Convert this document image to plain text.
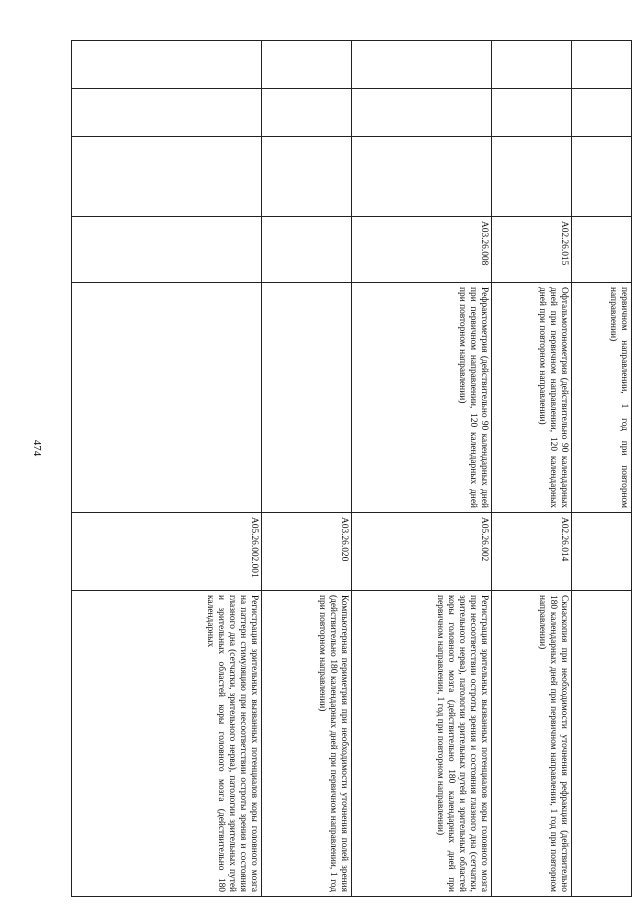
474
					первичном направлении, 1 год при повторном направлении)		
			A02.26.015	Офтальмотонометрия (действительно 90 календарных дней при первичном направлении, 120 календарных дней при повторном направлении)	A02.26.014	Скиаскопия при необходимости уточнения рефракции (действительно 180 календарных дней при первичном направлении, 1 год при повторном направлении)
			A03.26.008	Рефрактометрия (действительно 90 календарных дней при первичном направлении, 120 календарных дней при повторном направлении)	A05.26.002	Регистрация зрительных вызванных потенциалов коры головного мозга при несоответствии остроты зрения и состояния глазного дна (сетчатки, зрительного нерва), патологии зрительных путей и зрительных областей коры головного мозга (действительно 180 календарных дней при первичном направлении, 1 год при повторном направлении)
					A03.26.020	Компьютерная периметрия при необходимости уточнения полей зрения (действительно 180 календарных дней при первичном направлении, 1 год при повторном направлении)
					A05.26.002.001	Регистрация зрительных вызванных потенциалов коры головного мозга на паттерн стимуляцию при несоответствии остроты зрения и состояния глазного дна (сетчатки, зрительного нерва), патологии зрительных путей и зрительных областей коры головного мозга (действительно 180 календарных
